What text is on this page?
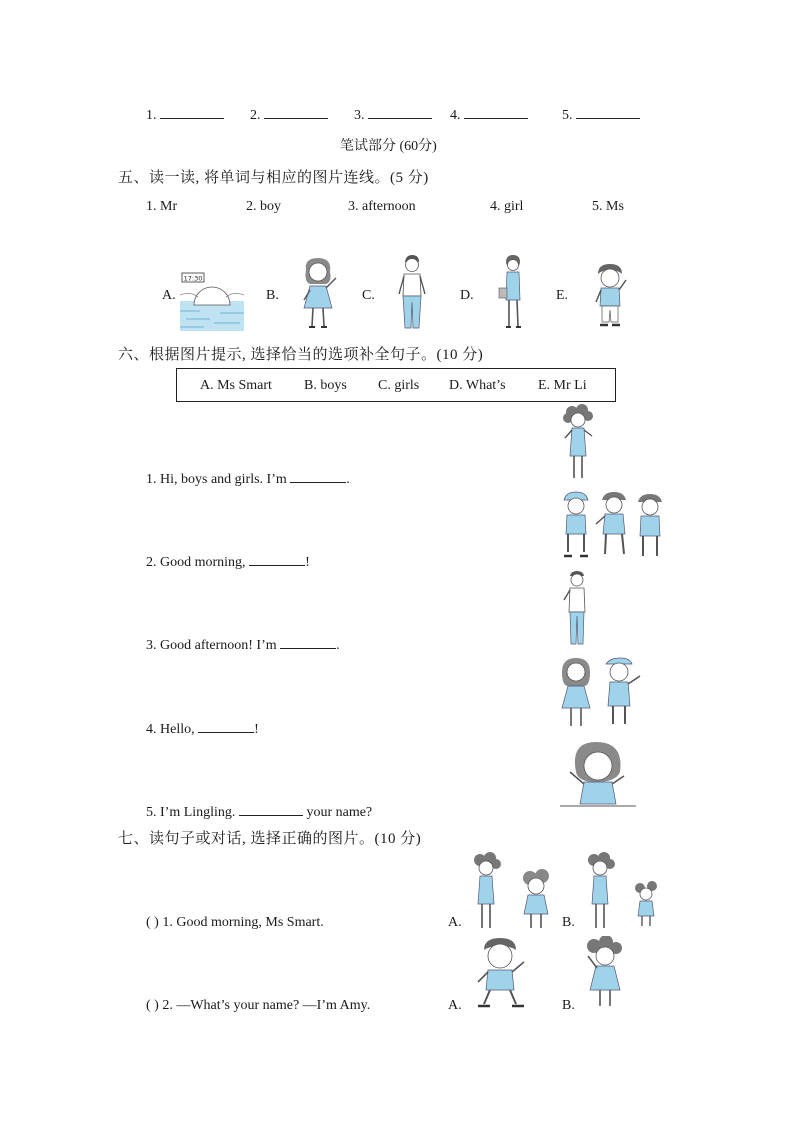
1.	2.	3.	4.	5.
笔试部分 (60分)
五、读一读, 将单词与相应的图片连线。(5 分)
1. Mr	2. boy	3. afternoon	4. girl	5. Ms
A.
17:30
B.	C.	D.	E.
六、根据图片提示, 选择恰当的选项补全句子。(10 分)
A. Ms Smart B. boys C. girls D. What’s E. Mr Li
1. Hi, boys and girls. I’m	.
2. Good morning,	!
3. Good afternoon! I’m	.
4. Hello,	!
5. I’m Lingling.	your name?
七、读句子或对话, 选择正确的图片。(10 分)
( ) 1. Good morning, Ms Smart.	A.	B.
( ) 2. —What’s your name? —I’m Amy.	A.	B.
